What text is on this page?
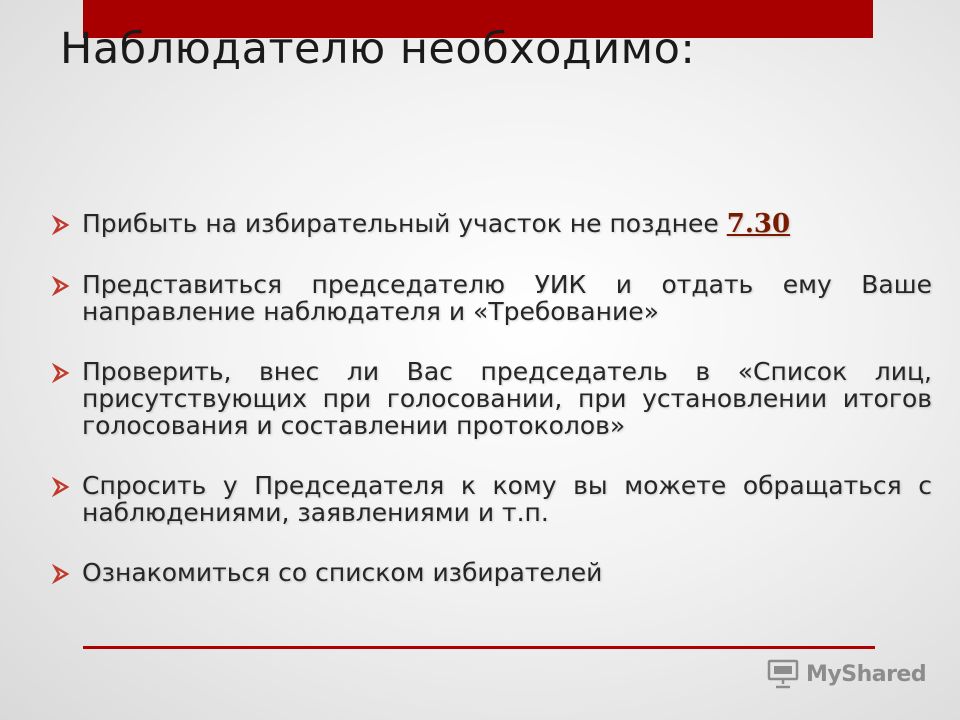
Наблюдателю необходимо:
Прибыть на избирательный участок не позднее 7.30
Представиться председателю УИК и отдать ему Ваше направление наблюдателя и «Требование»
Проверить, внес ли Вас председатель в «Список лиц, присутствующих при голосовании, при установлении итогов голосования и составлении протоколов»
Спросить у Председателя к кому вы можете обращаться с наблюдениями, заявлениями и т.п.
Ознакомиться со списком избирателей
MyShared
